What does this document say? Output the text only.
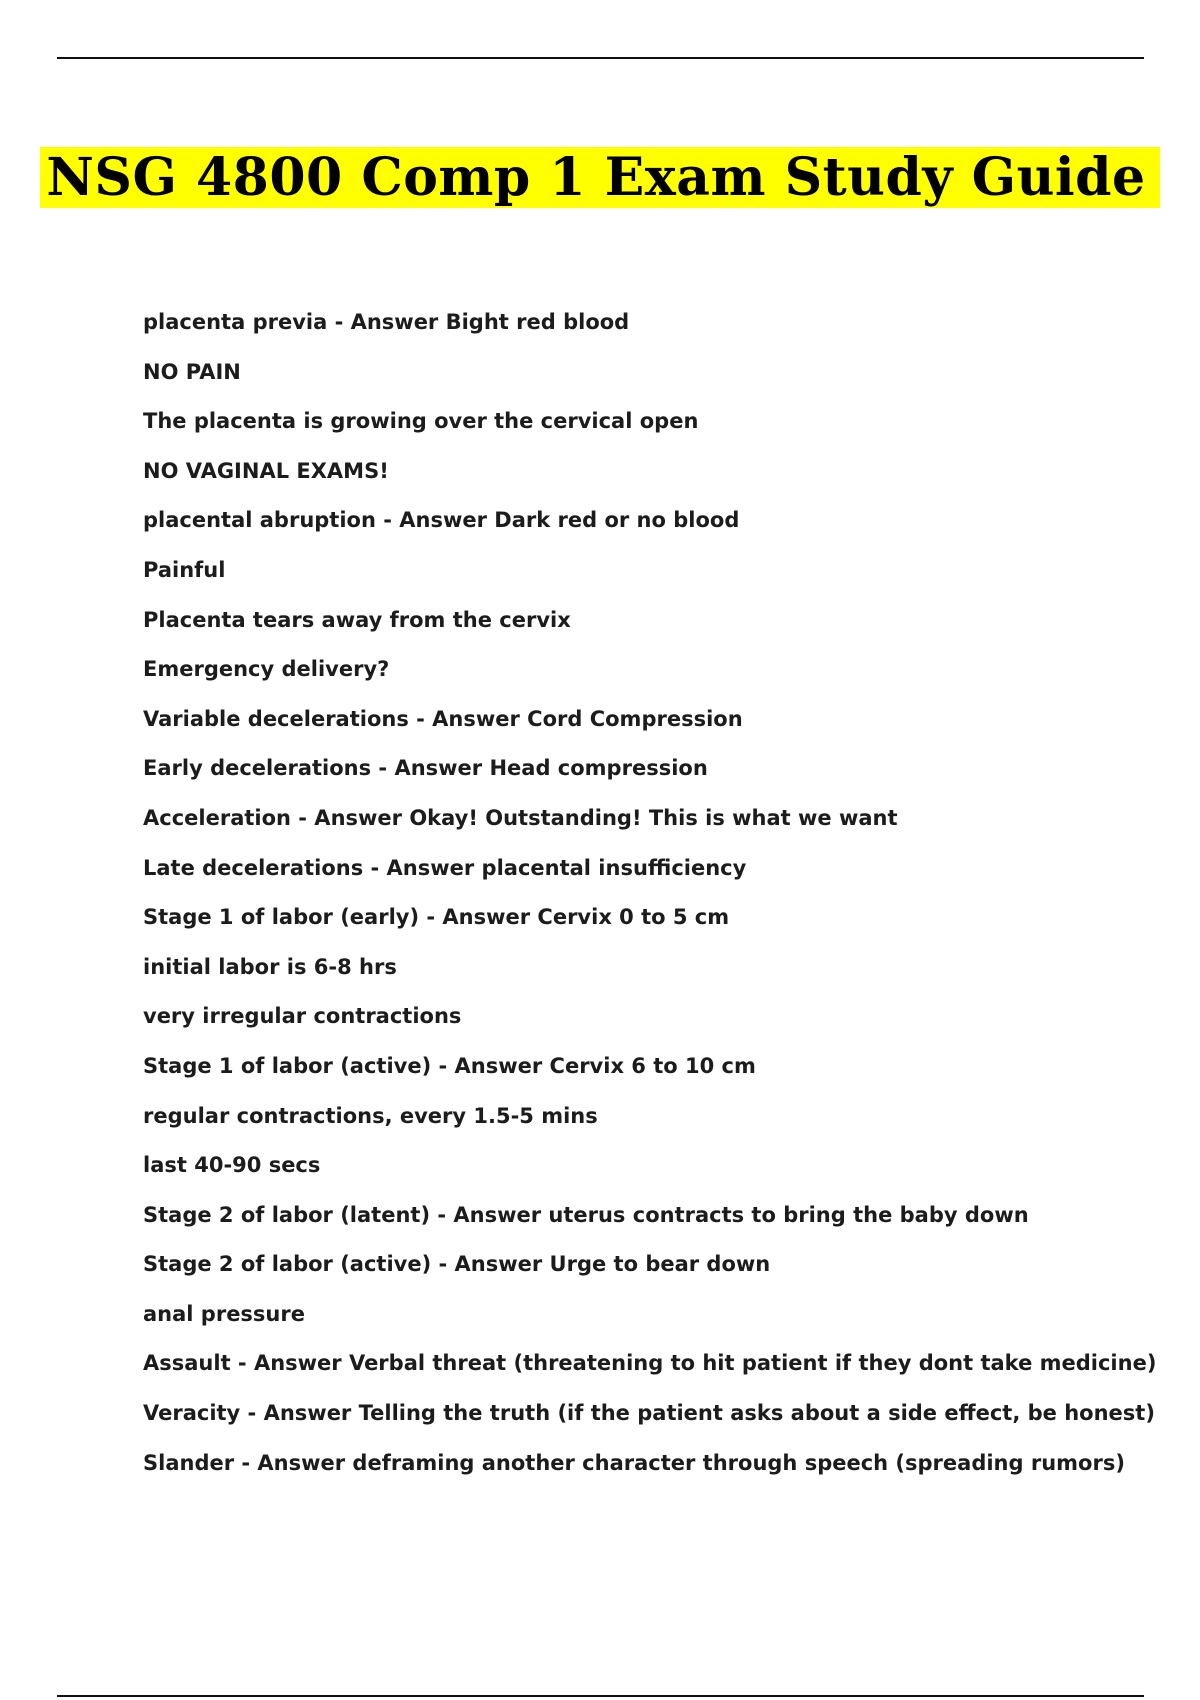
NSG 4800 Comp 1 Exam Study Guide
placenta previa - Answer Bight red blood
NO PAIN
The placenta is growing over the cervical open
NO VAGINAL EXAMS!
placental abruption - Answer Dark red or no blood
Painful
Placenta tears away from the cervix
Emergency delivery?
Variable decelerations - Answer Cord Compression
Early decelerations - Answer Head compression
Acceleration - Answer Okay! Outstanding! This is what we want
Late decelerations - Answer placental insufficiency
Stage 1 of labor (early) - Answer Cervix 0 to 5 cm
initial labor is 6-8 hrs
very irregular contractions
Stage 1 of labor (active) - Answer Cervix 6 to 10 cm
regular contractions, every 1.5-5 mins
last 40-90 secs
Stage 2 of labor (latent) - Answer uterus contracts to bring the baby down
Stage 2 of labor (active) - Answer Urge to bear down
anal pressure
Assault - Answer Verbal threat (threatening to hit patient if they dont take medicine)
Veracity - Answer Telling the truth (if the patient asks about a side effect, be honest)
Slander - Answer deframing another character through speech (spreading rumors)
